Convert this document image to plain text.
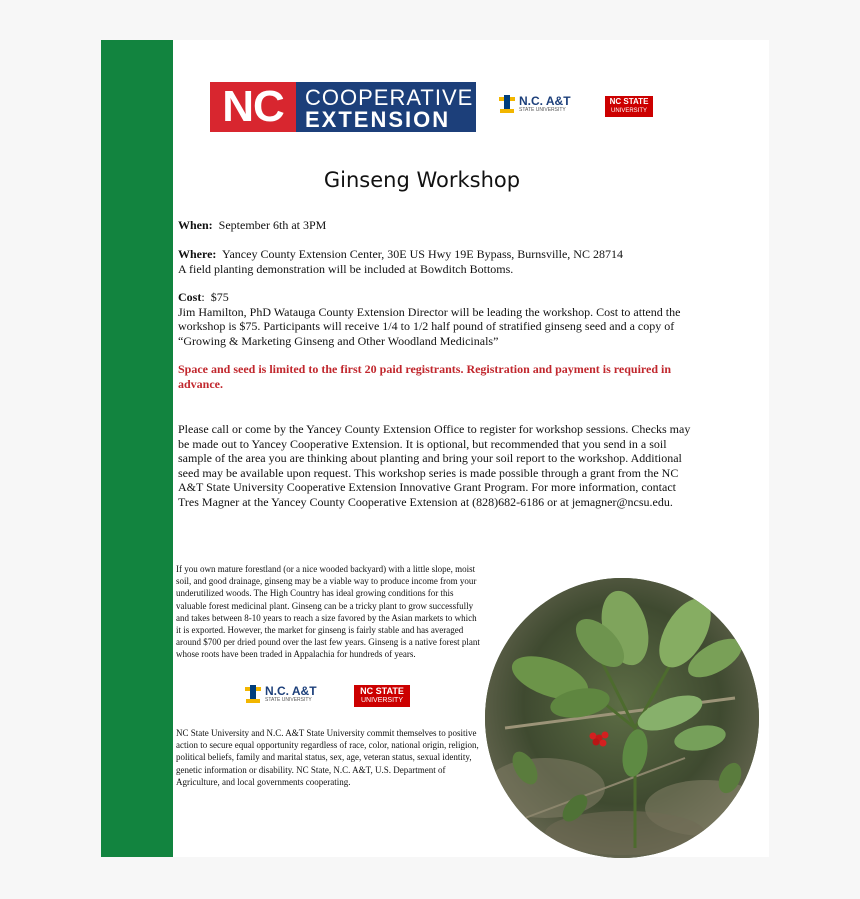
NC COOPERATIVE
EXTENSION
N.C. A&T
STATE UNIVERSITY
NC STATE
UNIVERSITY
Ginseng Workshop
When: September 6th at 3PM
Where: Yancey County Extension Center, 30E US Hwy 19E Bypass, Burnsville, NC 28714
A field planting demonstration will be included at Bowditch Bottoms.
Cost:  $75
Jim Hamilton, PhD Watauga County Extension Director will be leading the workshop. Cost to attend the workshop is $75. Participants will receive 1/4 to 1/2 half pound of stratified ginseng seed and a copy of “Growing & Marketing Ginseng and Other Woodland Medicinals”
Space and seed is limited to the first 20 paid registrants. Registration and payment is required in advance.
Please call or come by the Yancey County Extension Office to register for workshop sessions. Checks may be made out to Yancey Cooperative Extension. It is optional, but recommended that you send in a soil sample of the area you are thinking about planting and bring your soil report to the workshop. Additional seed may be available upon request. This workshop series is made possible through a grant from the NC A&T State University Cooperative Extension Innovative Grant Program. For more information, contact Tres Magner at the Yancey County Cooperative Extension at (828)682-6186 or at jemagner@ncsu.edu.
If you own mature forestland (or a nice wooded backyard) with a little slope, moist soil, and good drainage, ginseng may be a viable way to produce income from your underutilized woods. The High Country has ideal growing conditions for this valuable forest medicinal plant. Ginseng can be a tricky plant to grow successfully and takes between 8-10 years to reach a size favored by the Asian markets to which it is exported. However, the market for ginseng is fairly stable and has averaged around $700 per dried pound over the last few years. Ginseng is a native forest plant whose roots have been traded in Appalachia for hundreds of years.
N.C. A&T
STATE UNIVERSITY
NC STATE
UNIVERSITY
NC State University and N.C. A&T State University commit themselves to positive action to secure equal opportunity regardless of race, color, national origin, religion, political beliefs, family and marital status, sex, age, veteran status, sexual identity, genetic information or disability. NC State, N.C. A&T, U.S. Department of Agriculture, and local governments cooperating.
